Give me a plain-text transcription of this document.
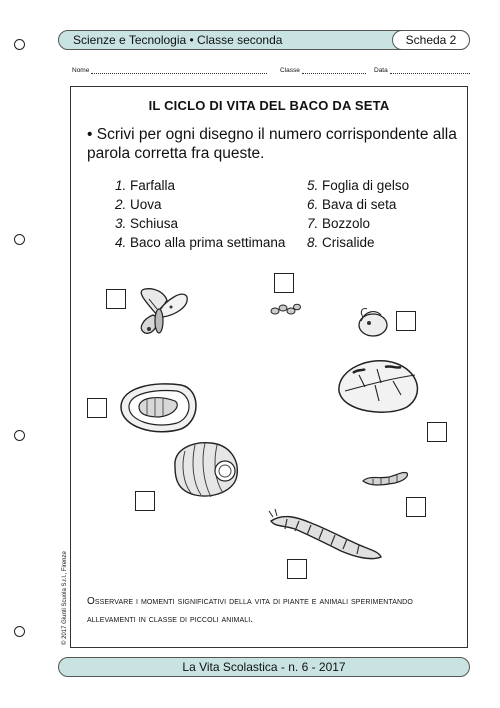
Scienze e Tecnologia • Classe seconda	Scheda 2
Nome	Classe	Data
IL CICLO DI VITA DEL BACO DA SETA
• Scrivi per ogni disegno il numero corrispondente alla parola corretta fra queste.
1. Farfalla
2. Uova
3. Schiusa
4. Baco alla prima settimana
5. Foglia di gelso
6. Bava di seta
7. Bozzolo
8. Crisalide
Osservare i momenti significativi della vita di piante e animali sperimentando allevamenti in classe di piccoli animali.
© 2017 Giunti Scuola S.r.l., Firenze
La Vita Scolastica - n. 6 - 2017
